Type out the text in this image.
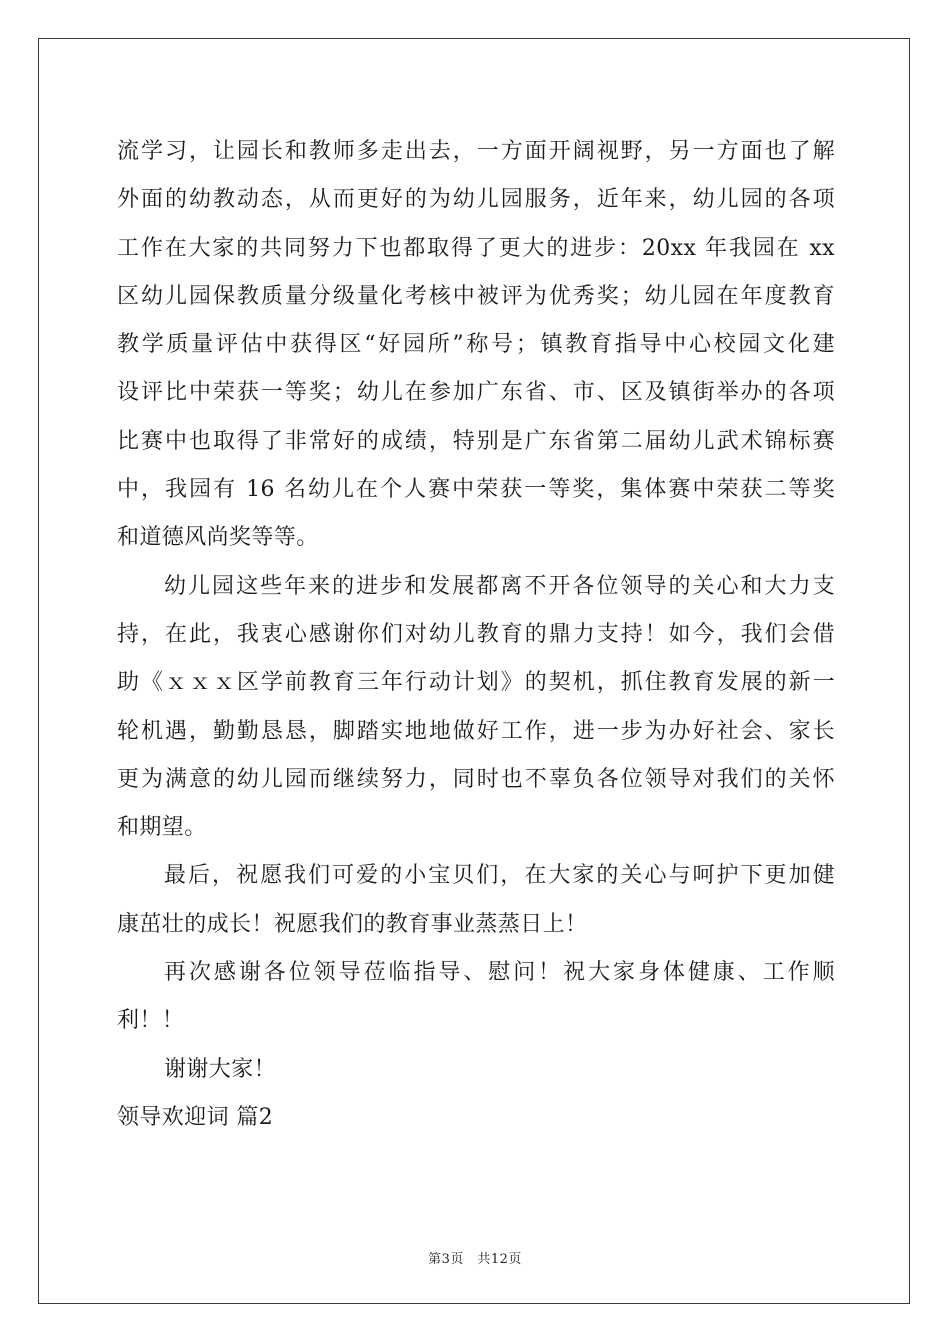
流学习，让园长和教师多走出去，一方面开阔视野，另一方面也了解
外面的幼教动态，从而更好的为幼儿园服务，近年来，幼儿园的各项
工作在大家的共同努力下也都取得了更大的进步：20xx 年我园在 xx
区幼儿园保教质量分级量化考核中被评为优秀奖；幼儿园在年度教育
教学质量评估中获得区“好园所”称号；镇教育指导中心校园文化建
设评比中荣获一等奖；幼儿在参加广东省、市、区及镇街举办的各项
比赛中也取得了非常好的成绩，特别是广东省第二届幼儿武术锦标赛
中，我园有 16 名幼儿在个人赛中荣获一等奖，集体赛中荣获二等奖
和道德风尚奖等等。
幼儿园这些年来的进步和发展都离不开各位领导的关心和大力支
持，在此，我衷心感谢你们对幼儿教育的鼎力支持！如今，我们会借
助《ｘｘｘ区学前教育三年行动计划》的契机，抓住教育发展的新一
轮机遇，勤勤恳恳，脚踏实地地做好工作，进一步为办好社会、家长
更为满意的幼儿园而继续努力，同时也不辜负各位领导对我们的关怀
和期望。
最后，祝愿我们可爱的小宝贝们，在大家的关心与呵护下更加健
康茁壮的成长！祝愿我们的教育事业蒸蒸日上！
再次感谢各位领导莅临指导、慰问！祝大家身体健康、工作顺
利！！
谢谢大家！
领导欢迎词 篇2
第3页　共12页
